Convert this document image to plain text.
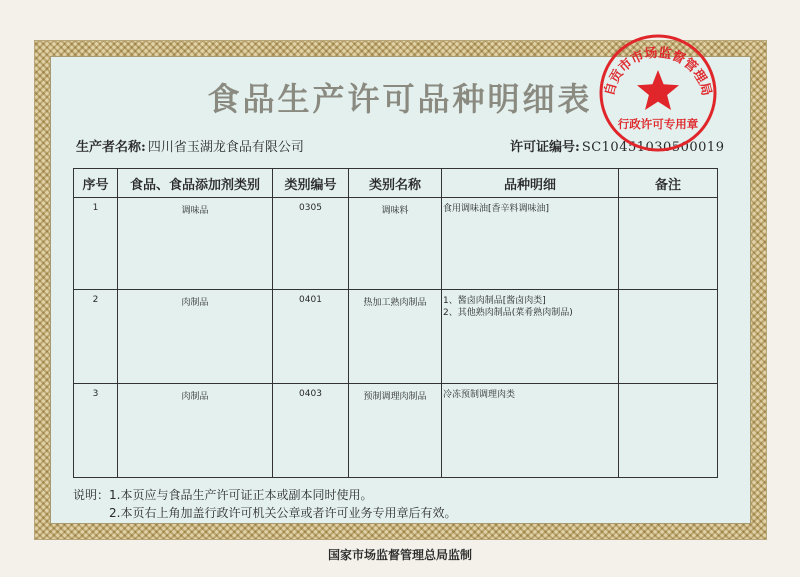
食品生产许可品种明细表
生产者名称: 四川省玉湖龙食品有限公司	许可证编号: SC10451030500019
序号	食品、食品添加剂类别	类别编号	类别名称	品种明细	备注
1	调味品	0305	调味料	食用调味油[香辛料调味油]	

2	肉制品	0401	热加工熟肉制品	1、酱卤肉制品[酱卤肉类]
2、其他熟肉制品(菜肴熟肉制品)	

3	肉制品	0403	预制调理肉制品	冷冻预制调理肉类	

说明：1.本页应与食品生产许可证正本或副本同时使用。
2.本页右上角加盖行政许可机关公章或者许可业务专用章后有效。
国家市场监督管理总局监制
自贡市市场监督管理局
行政许可专用章
